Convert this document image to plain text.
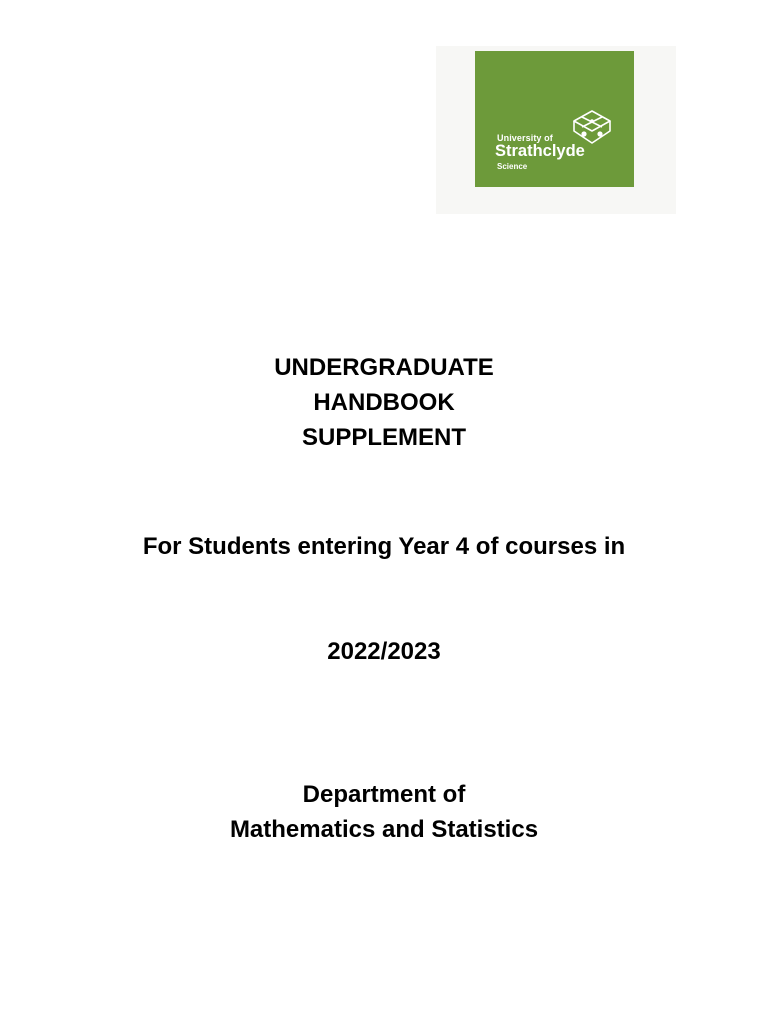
University of
Strathclyde
Science
UNDERGRADUATE
HANDBOOK
SUPPLEMENT
For Students entering Year 4 of courses in
2022/2023
Department of
Mathematics and Statistics
